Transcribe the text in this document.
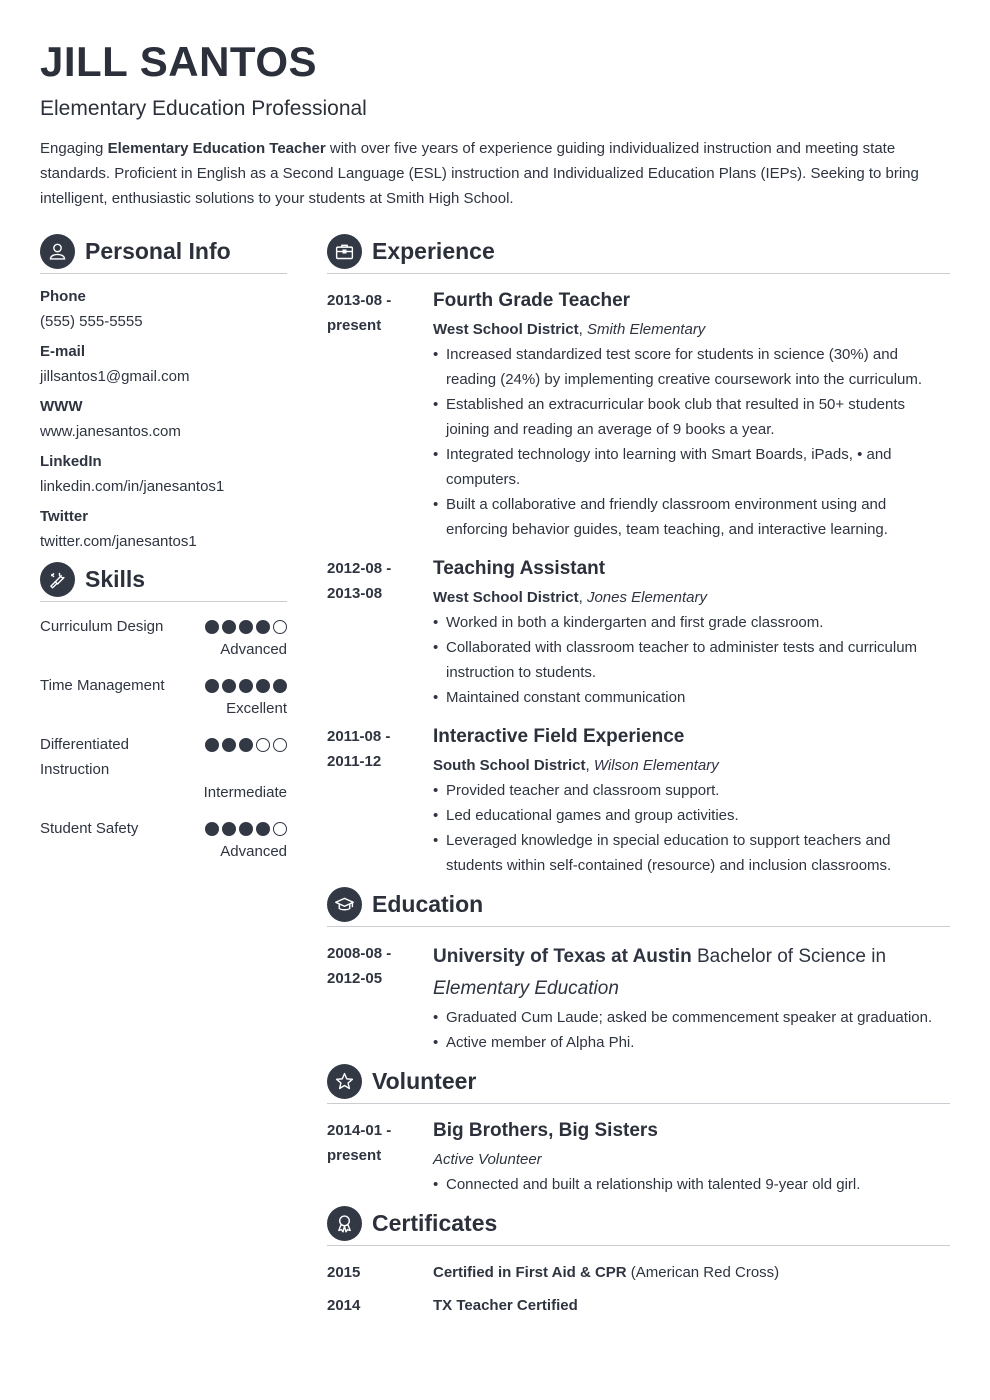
JILL SANTOS
Elementary Education Professional
Engaging Elementary Education Teacher with over five years of experience guiding individualized instruction and meeting state standards. Proficient in English as a Second Language (ESL) instruction and Individualized Education Plans (IEPs). Seeking to bring intelligent, enthusiastic solutions to your students at Smith High School.
Personal Info
Phone
(555) 555-5555
E-mail
jillsantos1@gmail.com
WWW
www.janesantos.com
LinkedIn
linkedin.com/in/janesantos1
Twitter
twitter.com/janesantos1
Skills
Curriculum Design
Advanced
Time Management
Excellent
Differentiated Instruction
Intermediate
Student Safety
Advanced
Experience
2013-08 -
present
Fourth Grade Teacher
West School District, Smith Elementary
• Increased standardized test score for students in science (30%) and reading (24%) by implementing creative coursework into the curriculum.
• Established an extracurricular book club that resulted in 50+ students joining and reading an average of 9 books a year.
• Integrated technology into learning with Smart Boards, iPads, • and computers.
• Built a collaborative and friendly classroom environment using and enforcing behavior guides, team teaching, and interactive learning.
2012-08 -
2013-08
Teaching Assistant
West School District, Jones Elementary
• Worked in both a kindergarten and first grade classroom.
• Collaborated with classroom teacher to administer tests and curriculum instruction to students.
• Maintained constant communication
2011-08 -
2011-12
Interactive Field Experience
South School District, Wilson Elementary
• Provided teacher and classroom support.
• Led educational games and group activities.
• Leveraged knowledge in special education to support teachers and students within self-contained (resource) and inclusion classrooms.
Education
2008-08 -
2012-05
University of Texas at Austin Bachelor of Science in Elementary Education
• Graduated Cum Laude; asked be commencement speaker at graduation.
• Active member of Alpha Phi.
Volunteer
2014-01 -
present
Big Brothers, Big Sisters
Active Volunteer
• Connected and built a relationship with talented 9-year old girl.
Certificates
2015	Certified in First Aid & CPR (American Red Cross)
2014	TX Teacher Certified
